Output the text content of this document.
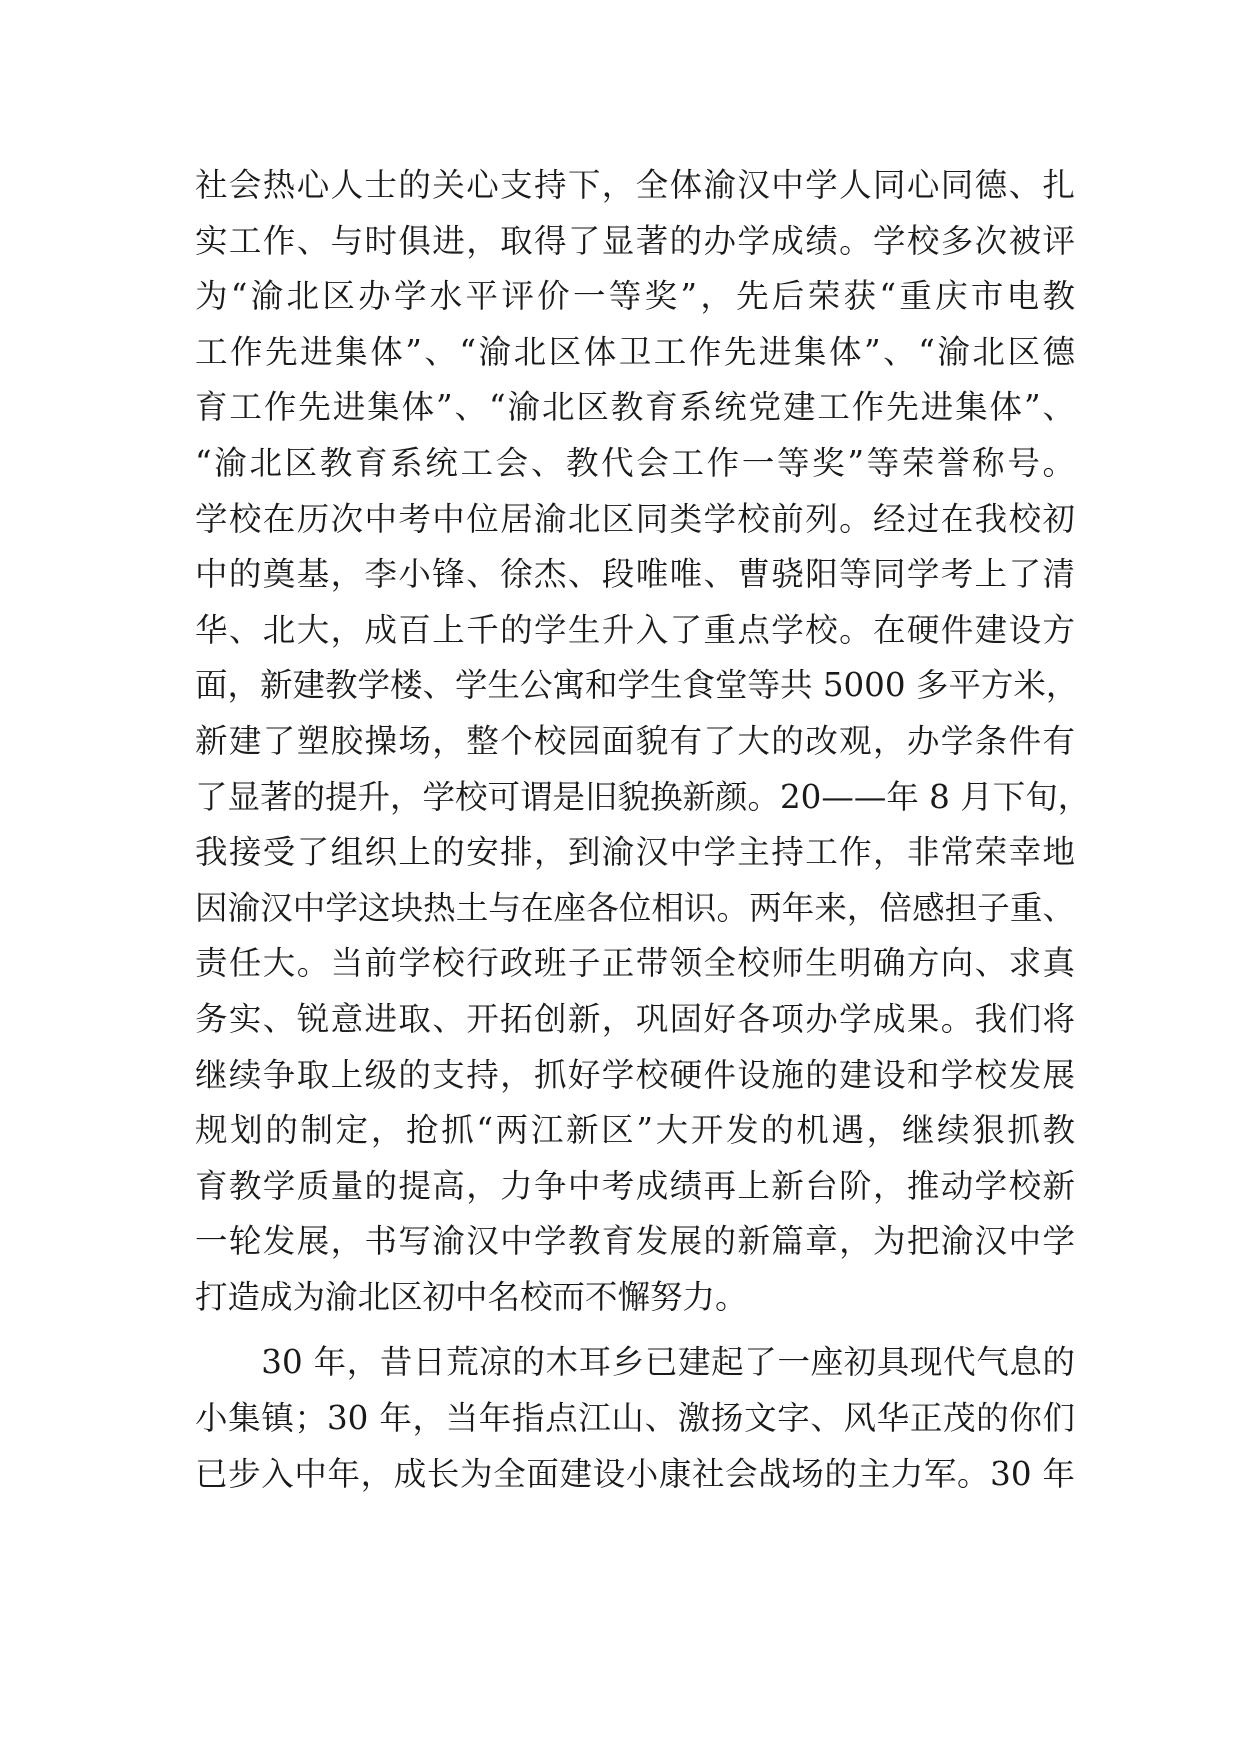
社会热心人士的关心支持下，全体渝汉中学人同心同德、扎
实工作、与时俱进，取得了显著的办学成绩。学校多次被评
为“渝北区办学水平评价一等奖”，先后荣获“重庆市电教
工作先进集体”、“渝北区体卫工作先进集体”、“渝北区德
育工作先进集体”、“渝北区教育系统党建工作先进集体”、
“渝北区教育系统工会、教代会工作一等奖”等荣誉称号。
学校在历次中考中位居渝北区同类学校前列。经过在我校初
中的奠基，李小锋、徐杰、段唯唯、曹骁阳等同学考上了清
华、北大，成百上千的学生升入了重点学校。在硬件建设方
面，新建教学楼、学生公寓和学生食堂等共 5000 多平方米，
新建了塑胶操场，整个校园面貌有了大的改观，办学条件有
了显著的提升，学校可谓是旧貌换新颜。20——年 8 月下旬，
我接受了组织上的安排，到渝汉中学主持工作，非常荣幸地
因渝汉中学这块热土与在座各位相识。两年来，倍感担子重、
责任大。当前学校行政班子正带领全校师生明确方向、求真
务实、锐意进取、开拓创新，巩固好各项办学成果。我们将
继续争取上级的支持，抓好学校硬件设施的建设和学校发展
规划的制定，抢抓“两江新区”大开发的机遇，继续狠抓教
育教学质量的提高，力争中考成绩再上新台阶，推动学校新
一轮发展，书写渝汉中学教育发展的新篇章，为把渝汉中学
打造成为渝北区初中名校而不懈努力。
　　30 年，昔日荒凉的木耳乡已建起了一座初具现代气息的
小集镇；30 年，当年指点江山、激扬文字、风华正茂的你们
已步入中年，成长为全面建设小康社会战场的主力军。30 年
